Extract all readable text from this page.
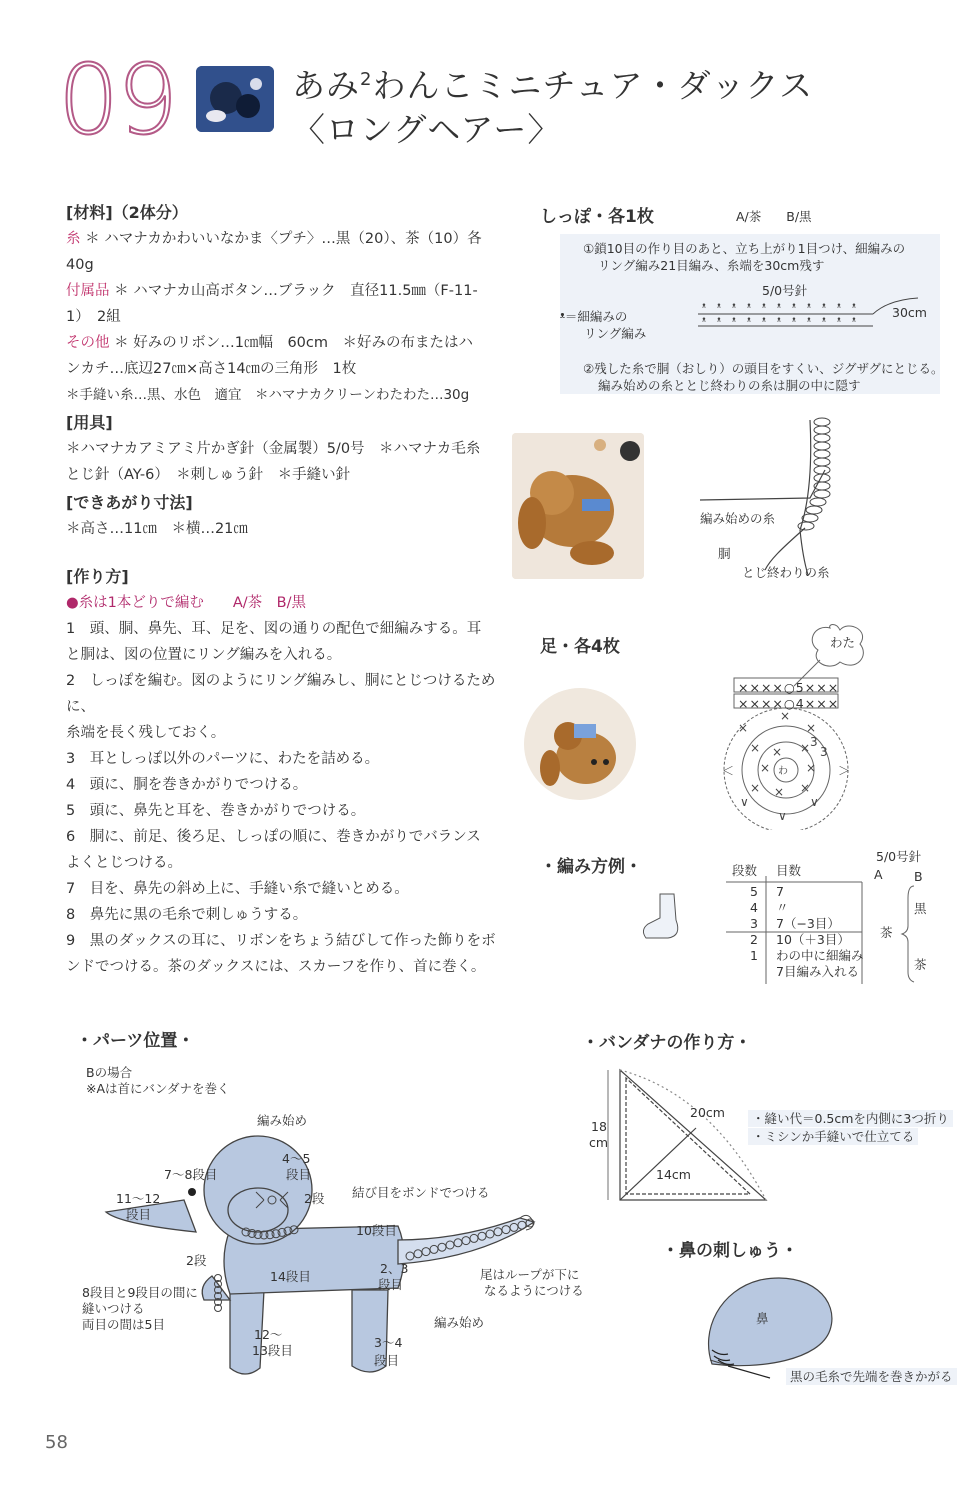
09	あみ$^2$わんこミニチュア・ダックス
〈ロングヘアー〉
[材料]（2体分）
糸 ＊ ハマナカかわいいなかま〈プチ〉…黒（20）、茶（10）各
40g
付属品 ＊ ハマナカ山高ボタン…ブラック　直径11.5㎜（F-11-
1）　2組
その他 ＊ 好みのリボン…1㎝幅　60cm　＊好みの布またはハ
ンカチ…底辺27㎝×高さ14㎝の三角形　1枚
＊手縫い糸…黒、水色　適宜　＊ハマナカクリーンわたわた…30g
[用具]
＊ハマナカアミアミ片かぎ針（金属製）5/0号　＊ハマナカ毛糸
とじ針（AY-6）　＊刺しゅう針　＊手縫い針
[できあがり寸法]
＊高さ…11㎝　＊横…21㎝
[作り方]
●糸は1本どりで編む　　A/茶　B/黒
1　頭、胴、鼻先、耳、足を、図の通りの配色で細編みする。耳
と胴は、図の位置にリング編みを入れる。
2　しっぽを編む。図のようにリング編みし、胴にとじつけるために、
糸端を長く残しておく。
3　耳としっぽ以外のパーツに、わたを詰める。
4　頭に、胴を巻きかがりでつける。
5　頭に、鼻先と耳を、巻きかがりでつける。
6　胴に、前足、後ろ足、しっぽの順に、巻きかがりでバランス
よくとじつける。
7　目を、鼻先の斜め上に、手縫い糸で縫いとめる。
8　鼻先に黒の毛糸で刺しゅうする。
9　黒のダックスの耳に、リボンをちょう結びして作った飾りをボ
ンドでつける。茶のダックスには、スカーフを作り、首に巻く。
しっぽ・各1枚	A/茶　　B/黒
①鎖10目の作り目のあと、立ち上がり1目つけ、細編みの
リング編み21目編み、糸端を30cm残す
5/0号針
ᵜ＝細編みの
リング編み
ᵜ
ᵜ
ᵜ
ᵜ
ᵜ
ᵜ
ᵜ
ᵜ
ᵜ
ᵜ
ᵜ
ᵜ
ᵜ
ᵜ
ᵜ
ᵜ
ᵜ
ᵜ
ᵜ
ᵜ
ᵜ
ᵜ
30cm
②残した糸で胴（おしり）の頭目をすくい、ジグザグにとじる。
編み始めの糸ととじ終わりの糸は胴の中に隠す
編み始めの糸
胴
とじ終わりの糸
足・各4枚
×
×
×
× × ×
×	×
× × ×
＜	＞
∨
∨
∨
3
3
わ
わた
××××○5×××
××××○4×××
・編み方例・
5/0号針
A	B
段数 目数
5	7
4	〃
3	7（−3目）
2	10（＋3目）
1	わの中に細編み
7目編み入れる
茶
黒
茶
・パーツ位置・
Bの場合
※Aは首にバンダナを巻く
編み始め
4〜5
段目
7〜8段目
2段
11〜12
段目
結び目をボンドでつける
10段目
2段
14段目
2、3
段目
尾はループが下に
なるようにつける
8段目と9段目の間に
縫いつける
両目の間は5目
12〜
13段目
3〜4
段目
編み始め
・バンダナの作り方・
18
cm
20cm
14cm
・縫い代＝0.5cmを内側に3つ折り
・ミシンか手縫いで仕立てる
・鼻の刺しゅう・
鼻
黒の毛糸で先端を巻きかがる
58
